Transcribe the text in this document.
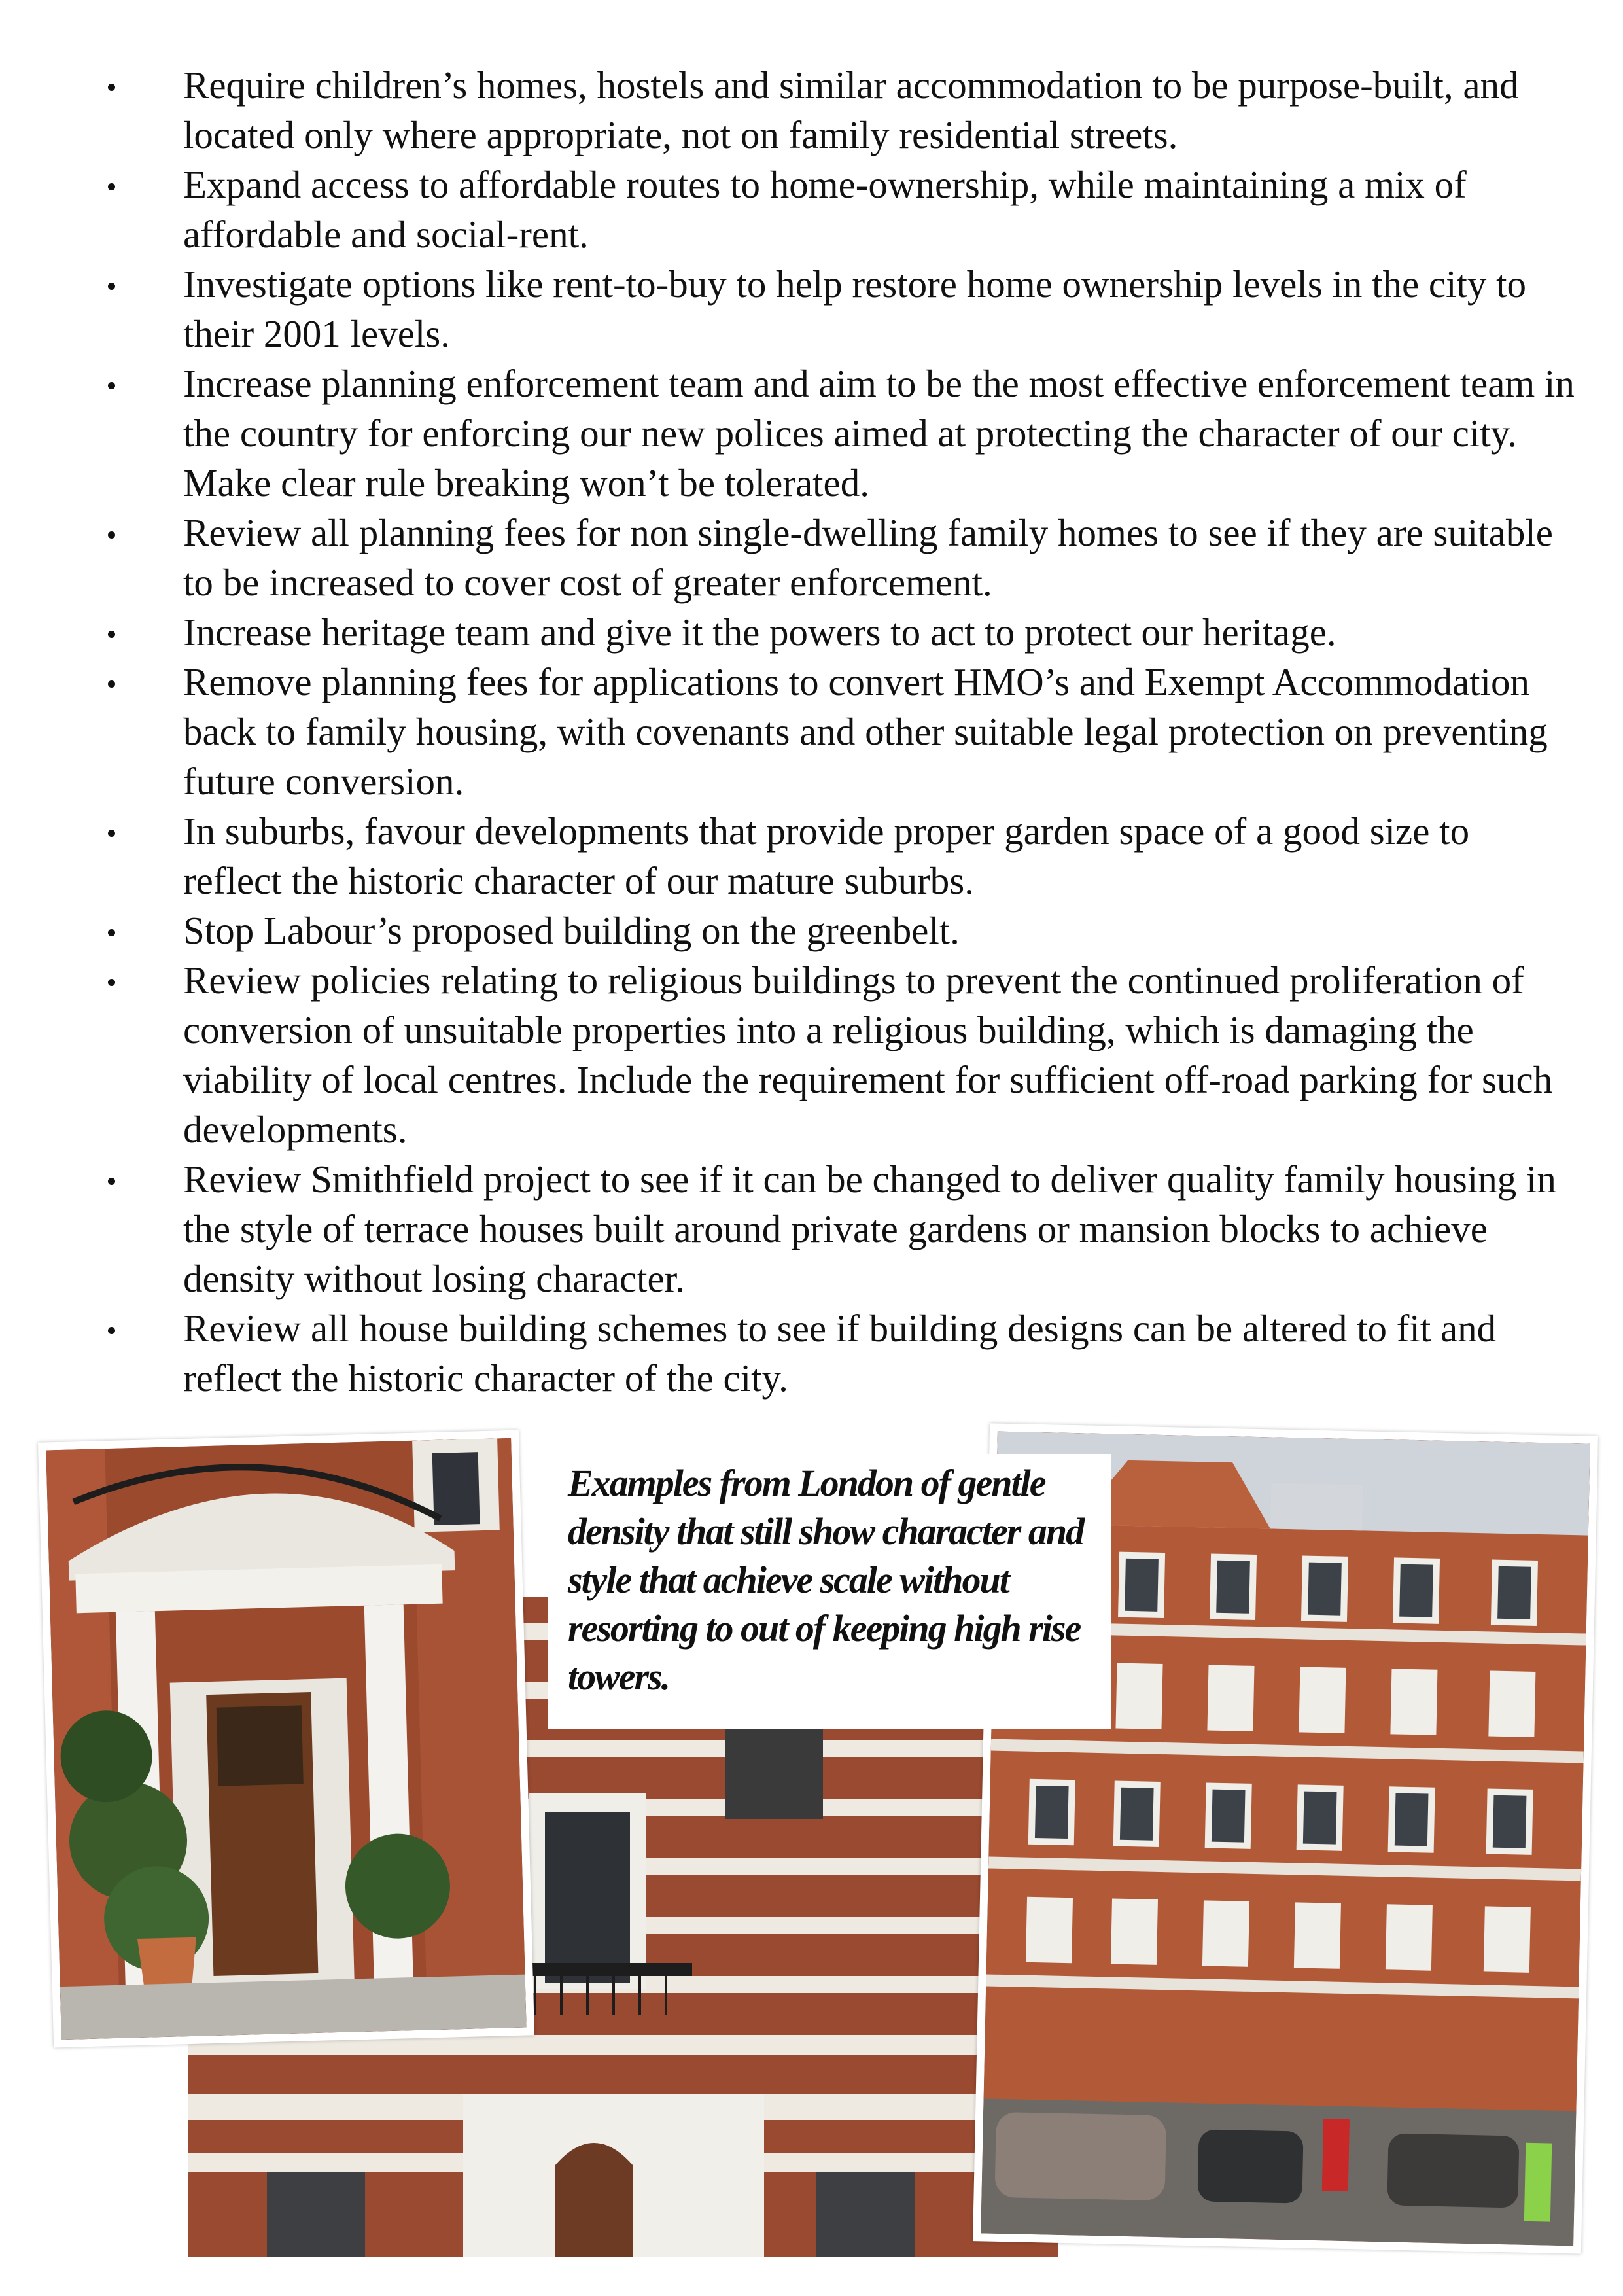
Require children’s homes, hostels and similar accommodation to be purpose-built, and located only where appropriate, not on family residential streets.
Expand access to affordable routes to home-ownership, while maintaining a mix of affordable and social-rent.
Investigate options like rent-to-buy to help restore home ownership levels in the city to their 2001 levels.
Increase planning enforcement team and aim to be the most effective enforcement team in the country for enforcing our new polices aimed at protecting the character of our city. Make clear rule breaking won’t be tolerated.
Review all planning fees for non single-dwelling family homes to see if they are suitable to be increased to cover cost of greater enforcement.
Increase heritage team and give it the powers to act to protect our heritage.
Remove planning fees for applications to convert HMO’s and Exempt Accommodation back to family housing, with covenants and other suitable legal protection on preventing future conversion.
In suburbs, favour developments that provide proper garden space of a good size to reflect the historic character of our mature suburbs.
Stop Labour’s proposed building on the greenbelt.
Review policies relating to religious buildings to prevent the continued proliferation of conversion of unsuitable properties into a religious building, which is damaging the viability of local centres. Include the requirement for sufficient off-road parking for such developments.
Review Smithfield project to see if it can be changed to deliver quality family housing in the style of terrace houses built around private gardens or mansion blocks to achieve density without losing character.
Review all house building schemes to see if building designs can be altered to fit and reflect the historic character of the city.
Examples from London of gentle density that still show character and style that achieve scale without resorting to out of keeping high rise towers.
